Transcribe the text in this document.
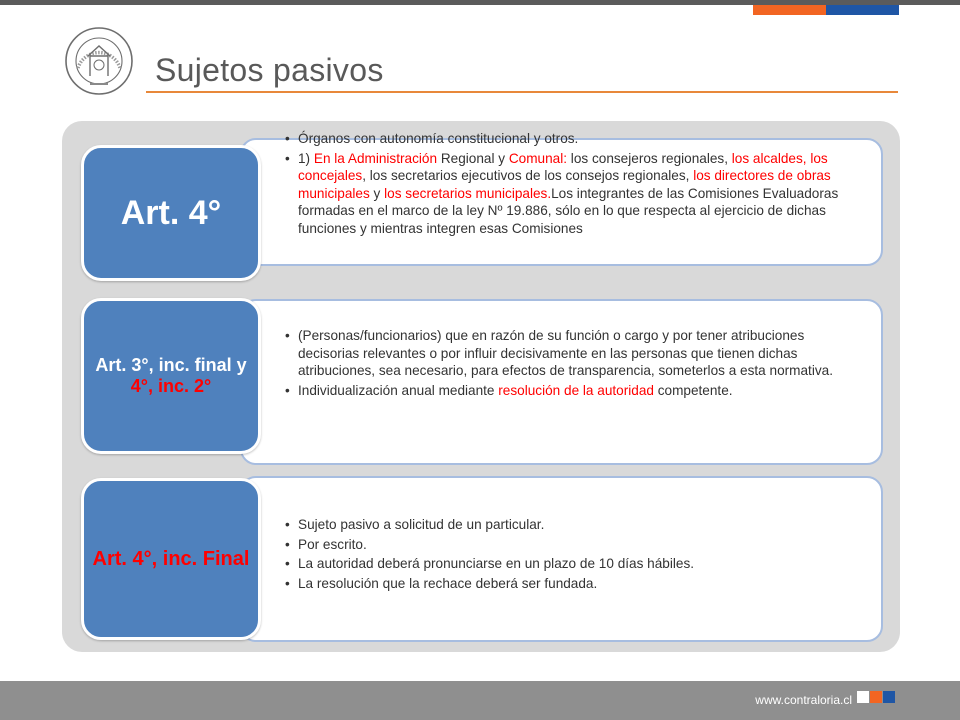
Sujetos pasivos
Art. 4°
• Órganos con autonomía constitucional y otros.
• 1) En la Administración Regional y Comunal: los consejeros regionales, los alcaldes, los concejales, los secretarios ejecutivos de los consejos regionales, los directores de obras municipales y los secretarios municipales.Los integrantes de las Comisiones Evaluadoras formadas en el marco de la ley Nº 19.886, sólo en lo que respecta al ejercicio de dichas funciones y mientras integren esas Comisiones
Art. 3°, inc. final y 4°, inc. 2°
• (Personas/funcionarios) que en razón de su función o cargo y por tener atribuciones decisorias relevantes o por influir decisivamente en las personas que tienen dichas atribuciones, sea necesario, para efectos de transparencia, someterlos a esta normativa.
• Individualización anual mediante resolución de la autoridad competente.
Art. 4°, inc. Final
• Sujeto pasivo a solicitud de un particular.
• Por escrito.
• La autoridad deberá pronunciarse en un plazo de 10 días hábiles.
• La resolución que la rechace deberá ser fundada.
www.contraloria.cl
